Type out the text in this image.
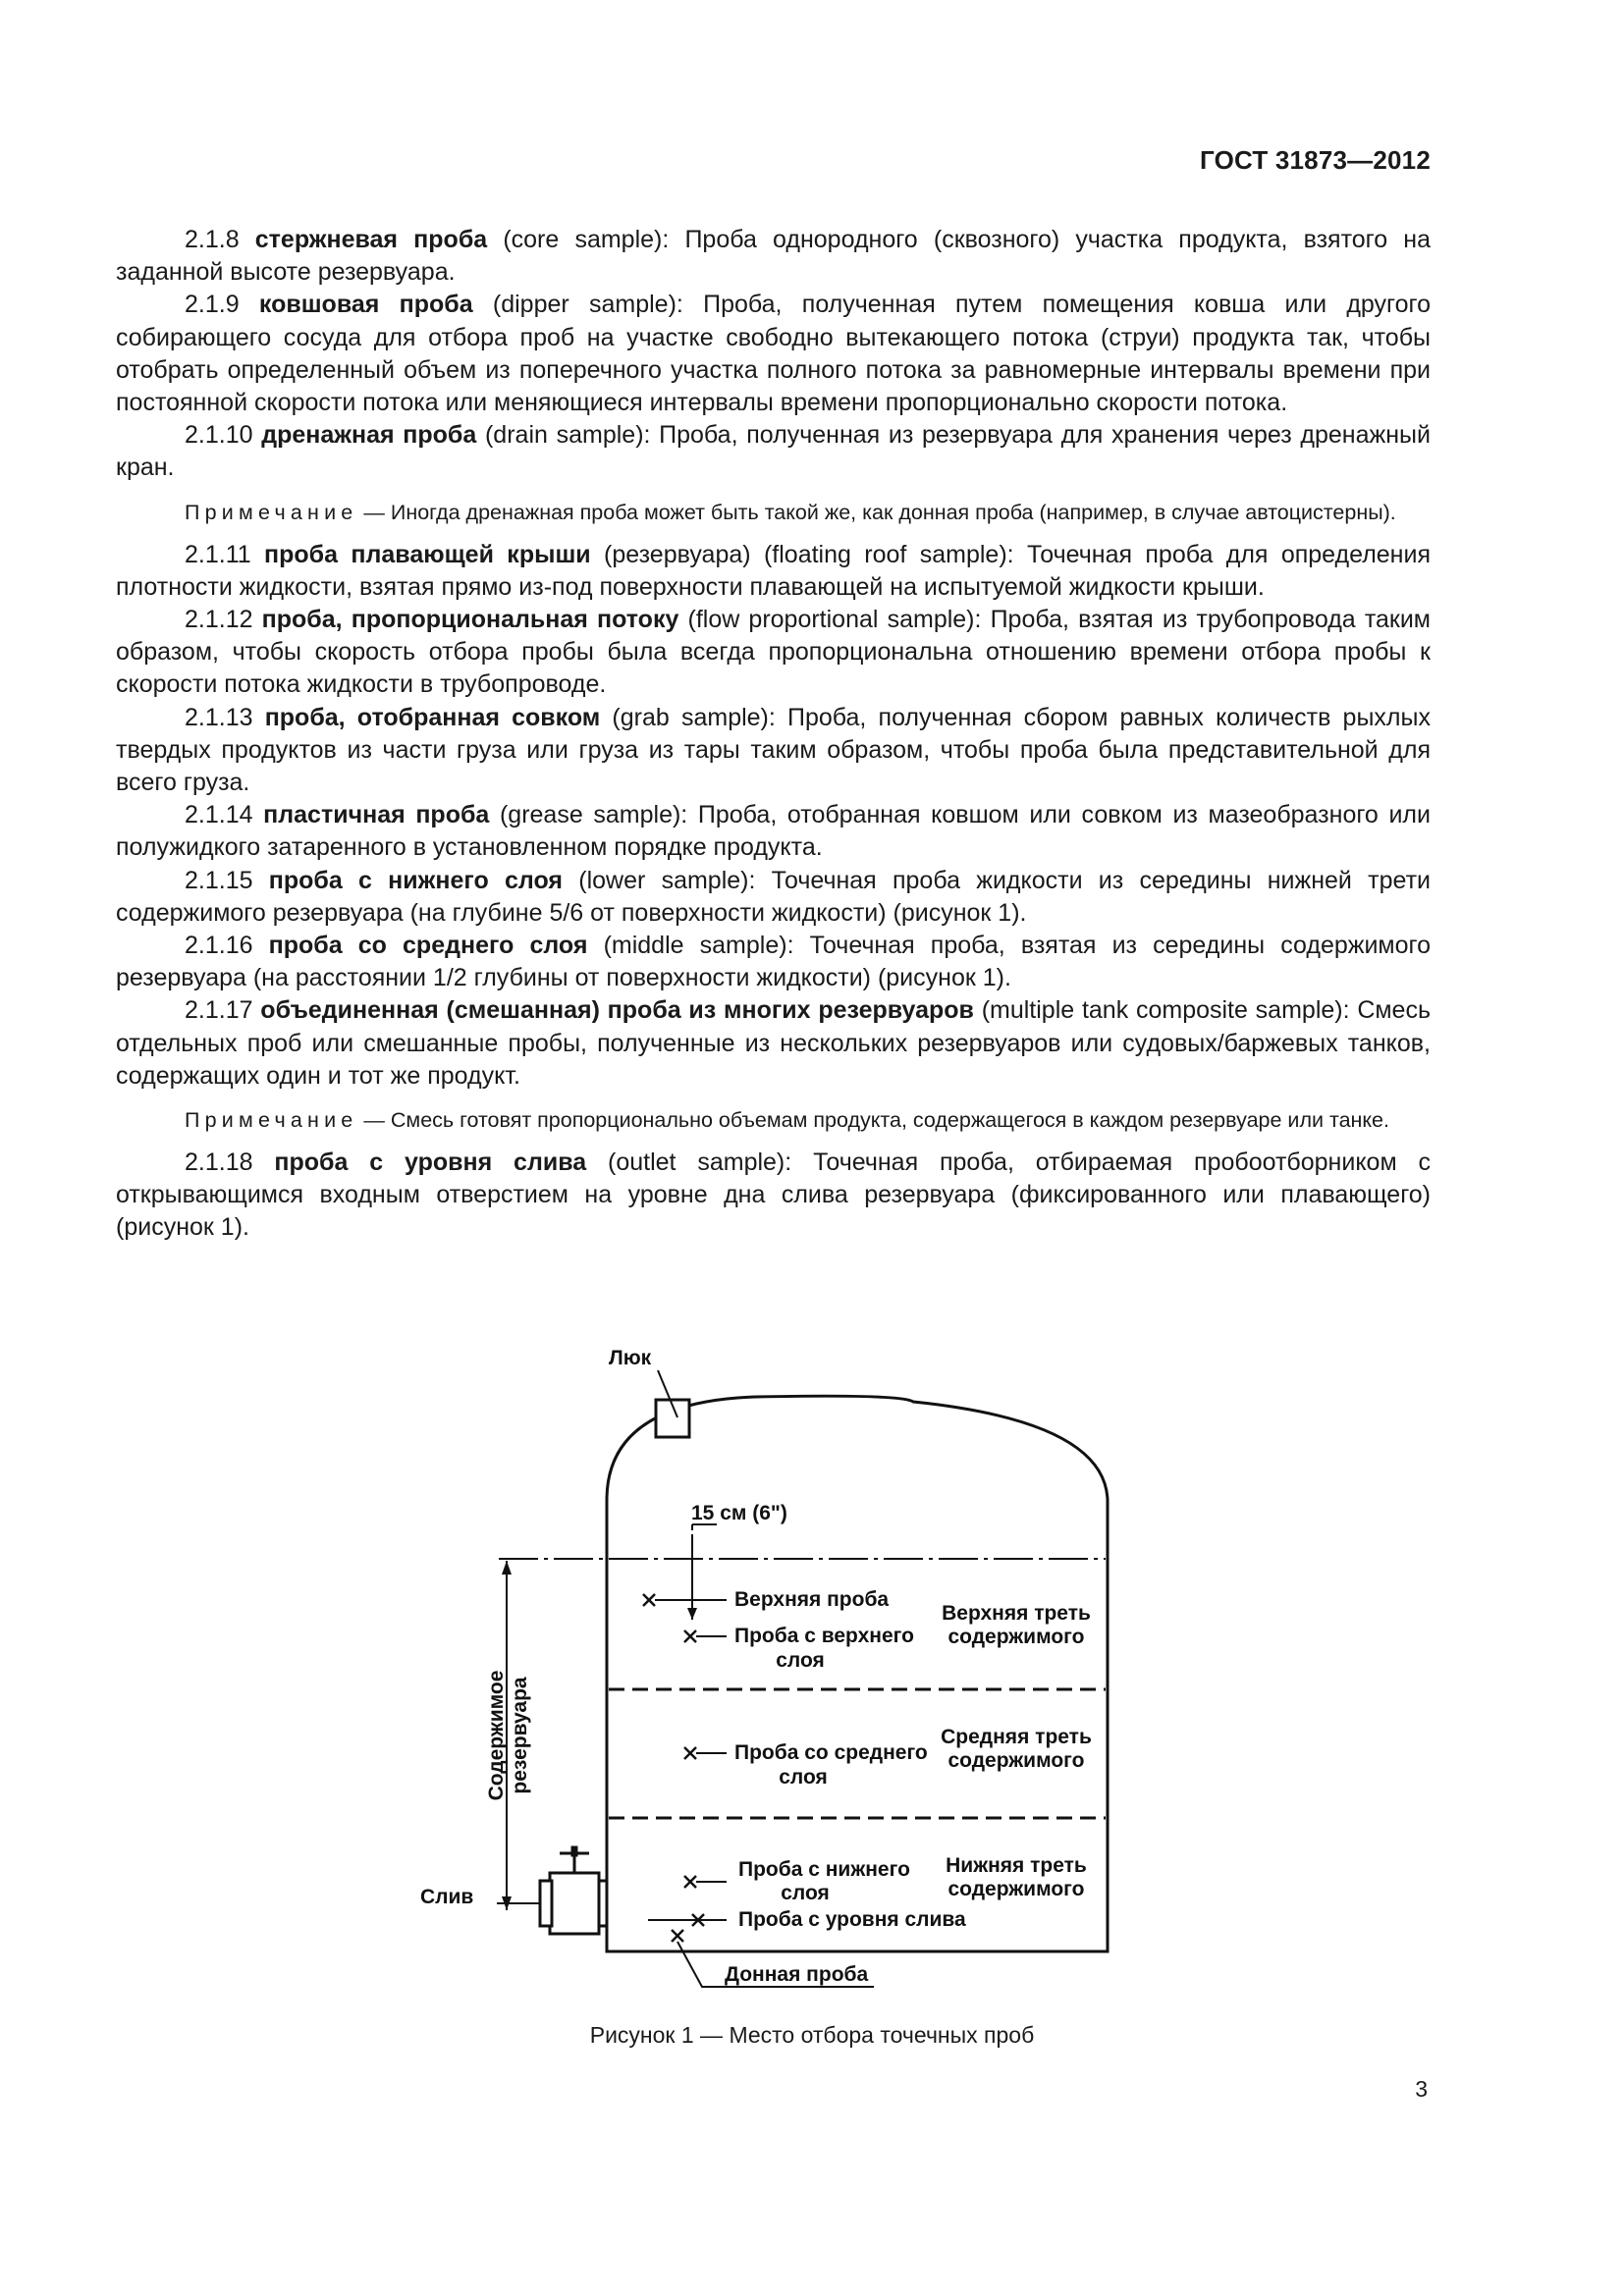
ГОСТ 31873—2012

2.1.8 стержневая проба (core sample): Проба однородного (сквозного) участка продукта, взятого на заданной высоте резервуара.

2.1.9 ковшовая проба (dipper sample): Проба, полученная путем помещения ковша или другого собирающего сосуда для отбора проб на участке свободно вытекающего потока (струи) продукта так, чтобы отобрать определенный объем из поперечного участка полного потока за равномерные интервалы времени при постоянной скорости потока или меняющиеся интервалы времени пропорционально скорости потока.

2.1.10 дренажная проба (drain sample): Проба, полученная из резервуара для хранения через дренажный кран.

Примечание — Иногда дренажная проба может быть такой же, как донная проба (например, в случае автоцистерны).

2.1.11 проба плавающей крыши (резервуара) (floating roof sample): Точечная проба для определения плотности жидкости, взятая прямо из-под поверхности плавающей на испытуемой жидкости крыши.

2.1.12 проба, пропорциональная потоку (flow proportional sample): Проба, взятая из трубопровода таким образом, чтобы скорость отбора пробы была всегда пропорциональна отношению времени отбора пробы к скорости потока жидкости в трубопроводе.

2.1.13 проба, отобранная совком (grab sample): Проба, полученная сбором равных количеств рыхлых твердых продуктов из части груза или груза из тары таким образом, чтобы проба была представительной для всего груза.

2.1.14 пластичная проба (grease sample): Проба, отобранная ковшом или совком из мазеобразного или полужидкого затаренного в установленном порядке продукта.

2.1.15 проба с нижнего слоя (lower sample): Точечная проба жидкости из середины нижней трети содержимого резервуара (на глубине 5/6 от поверхности жидкости) (рисунок 1).

2.1.16 проба со среднего слоя (middle sample): Точечная проба, взятая из середины содержимого резервуара (на расстоянии 1/2 глубины от поверхности жидкости) (рисунок 1).

2.1.17 объединенная (смешанная) проба из многих резервуаров (multiple tank composite sample): Смесь отдельных проб или смешанные пробы, полученные из нескольких резервуаров или судовых/баржевых танков, содержащих один и тот же продукт.

Примечание — Смесь готовят пропорционально объемам продукта, содержащегося в каждом резервуаре или танке.

2.1.18 проба с уровня слива (outlet sample): Точечная проба, отбираемая пробоотборником с открывающимся входным отверстием на уровне дна слива резервуара (фиксированного или плавающего) (рисунок 1).

Люк
15 см (6")
Слив
Содержимое резервуара
Верхняя проба
Проба с верхнего
слоя
Проба со среднего
слоя
Проба с нижнего
слоя
Проба с уровня слива
Донная проба
Верхняя треть
содержимого
Средняя треть
содержимого
Нижняя треть
содержимого
Рисунок 1 — Место отбора точечных проб
3
